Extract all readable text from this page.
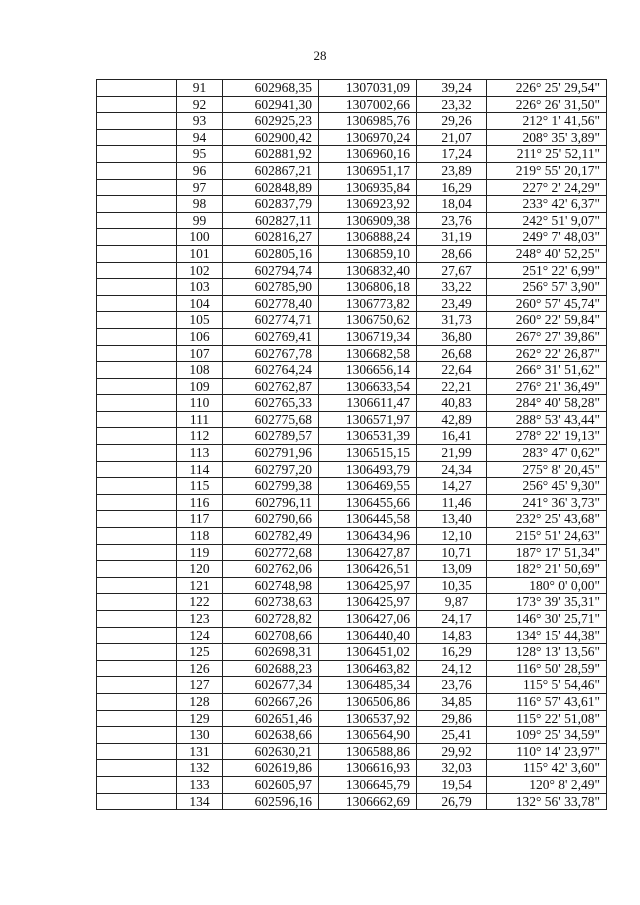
28
	91	602968,35	1307031,09	39,24	226° 25' 29,54"
	92	602941,30	1307002,66	23,32	226° 26' 31,50"
	93	602925,23	1306985,76	29,26	212° 1' 41,56"
	94	602900,42	1306970,24	21,07	208° 35' 3,89"
	95	602881,92	1306960,16	17,24	211° 25' 52,11"
	96	602867,21	1306951,17	23,89	219° 55' 20,17"
	97	602848,89	1306935,84	16,29	227° 2' 24,29"
	98	602837,79	1306923,92	18,04	233° 42' 6,37"
	99	602827,11	1306909,38	23,76	242° 51' 9,07"
	100	602816,27	1306888,24	31,19	249° 7' 48,03"
	101	602805,16	1306859,10	28,66	248° 40' 52,25"
	102	602794,74	1306832,40	27,67	251° 22' 6,99"
	103	602785,90	1306806,18	33,22	256° 57' 3,90"
	104	602778,40	1306773,82	23,49	260° 57' 45,74"
	105	602774,71	1306750,62	31,73	260° 22' 59,84"
	106	602769,41	1306719,34	36,80	267° 27' 39,86"
	107	602767,78	1306682,58	26,68	262° 22' 26,87"
	108	602764,24	1306656,14	22,64	266° 31' 51,62"
	109	602762,87	1306633,54	22,21	276° 21' 36,49"
	110	602765,33	1306611,47	40,83	284° 40' 58,28"
	111	602775,68	1306571,97	42,89	288° 53' 43,44"
	112	602789,57	1306531,39	16,41	278° 22' 19,13"
	113	602791,96	1306515,15	21,99	283° 47' 0,62"
	114	602797,20	1306493,79	24,34	275° 8' 20,45"
	115	602799,38	1306469,55	14,27	256° 45' 9,30"
	116	602796,11	1306455,66	11,46	241° 36' 3,73"
	117	602790,66	1306445,58	13,40	232° 25' 43,68"
	118	602782,49	1306434,96	12,10	215° 51' 24,63"
	119	602772,68	1306427,87	10,71	187° 17' 51,34"
	120	602762,06	1306426,51	13,09	182° 21' 50,69"
	121	602748,98	1306425,97	10,35	180° 0' 0,00"
	122	602738,63	1306425,97	9,87	173° 39' 35,31"
	123	602728,82	1306427,06	24,17	146° 30' 25,71"
	124	602708,66	1306440,40	14,83	134° 15' 44,38"
	125	602698,31	1306451,02	16,29	128° 13' 13,56"
	126	602688,23	1306463,82	24,12	116° 50' 28,59"
	127	602677,34	1306485,34	23,76	115° 5' 54,46"
	128	602667,26	1306506,86	34,85	116° 57' 43,61"
	129	602651,46	1306537,92	29,86	115° 22' 51,08"
	130	602638,66	1306564,90	25,41	109° 25' 34,59"
	131	602630,21	1306588,86	29,92	110° 14' 23,97"
	132	602619,86	1306616,93	32,03	115° 42' 3,60"
	133	602605,97	1306645,79	19,54	120° 8' 2,49"
	134	602596,16	1306662,69	26,79	132° 56' 33,78"
